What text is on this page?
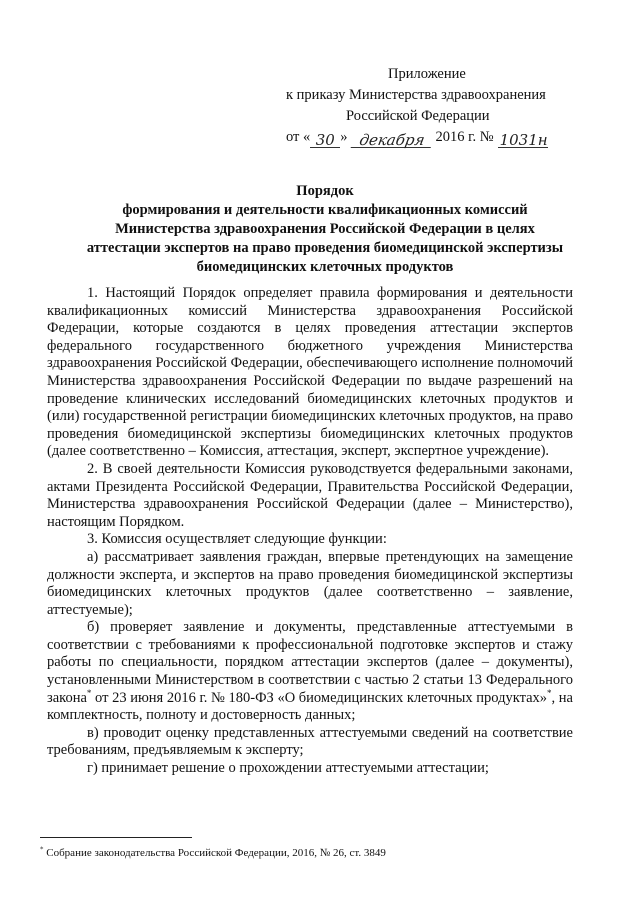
Приложение
к приказу Министерства здравоохранения
Российской Федерации
от « 30 » декабря 2016 г. № 1031н
Порядок
формирования и деятельности квалификационных комиссий
Министерства здравоохранения Российской Федерации в целях
аттестации экспертов на право проведения биомедицинской экспертизы
биомедицинских клеточных продуктов

1. Настоящий Порядок определяет правила формирования и деятельности квалификационных комиссий Министерства здравоохранения Российской Федерации, которые создаются в целях проведения аттестации экспертов федерального государственного бюджетного учреждения Министерства здравоохранения Российской Федерации, обеспечивающего исполнение полномочий Министерства здравоохранения Российской Федерации по выдаче разрешений на проведение клинических исследований биомедицинских клеточных продуктов и (или) государственной регистрации биомедицинских клеточных продуктов, на право проведения биомедицинской экспертизы биомедицинских клеточных продуктов (далее соответственно – Комиссия, аттестация, эксперт, экспертное учреждение).

2. В своей деятельности Комиссия руководствуется федеральными законами, актами Президента Российской Федерации, Правительства Российской Федерации, Министерства здравоохранения Российской Федерации (далее – Министерство), настоящим Порядком.

3. Комиссия осуществляет следующие функции:

а) рассматривает заявления граждан, впервые претендующих на замещение должности эксперта, и экспертов на право проведения биомедицинской экспертизы биомедицинских клеточных продуктов (далее соответственно – заявление, аттестуемые);

б) проверяет заявление и документы, представленные аттестуемыми в соответствии с требованиями к профессиональной подготовке экспертов и стажу работы по специальности, порядком аттестации экспертов (далее – документы), установленными Министерством в соответствии с частью 2 статьи 13 Федерального закона* от 23 июня 2016 г. № 180-ФЗ «О биомедицинских клеточных продуктах»*, на комплектность, полноту и достоверность данных;

в) проводит оценку представленных аттестуемыми сведений на соответствие требованиям, предъявляемым к эксперту;

г) принимает решение о прохождении аттестуемыми аттестации;

* Собрание законодательства Российской Федерации, 2016, № 26, ст. 3849
